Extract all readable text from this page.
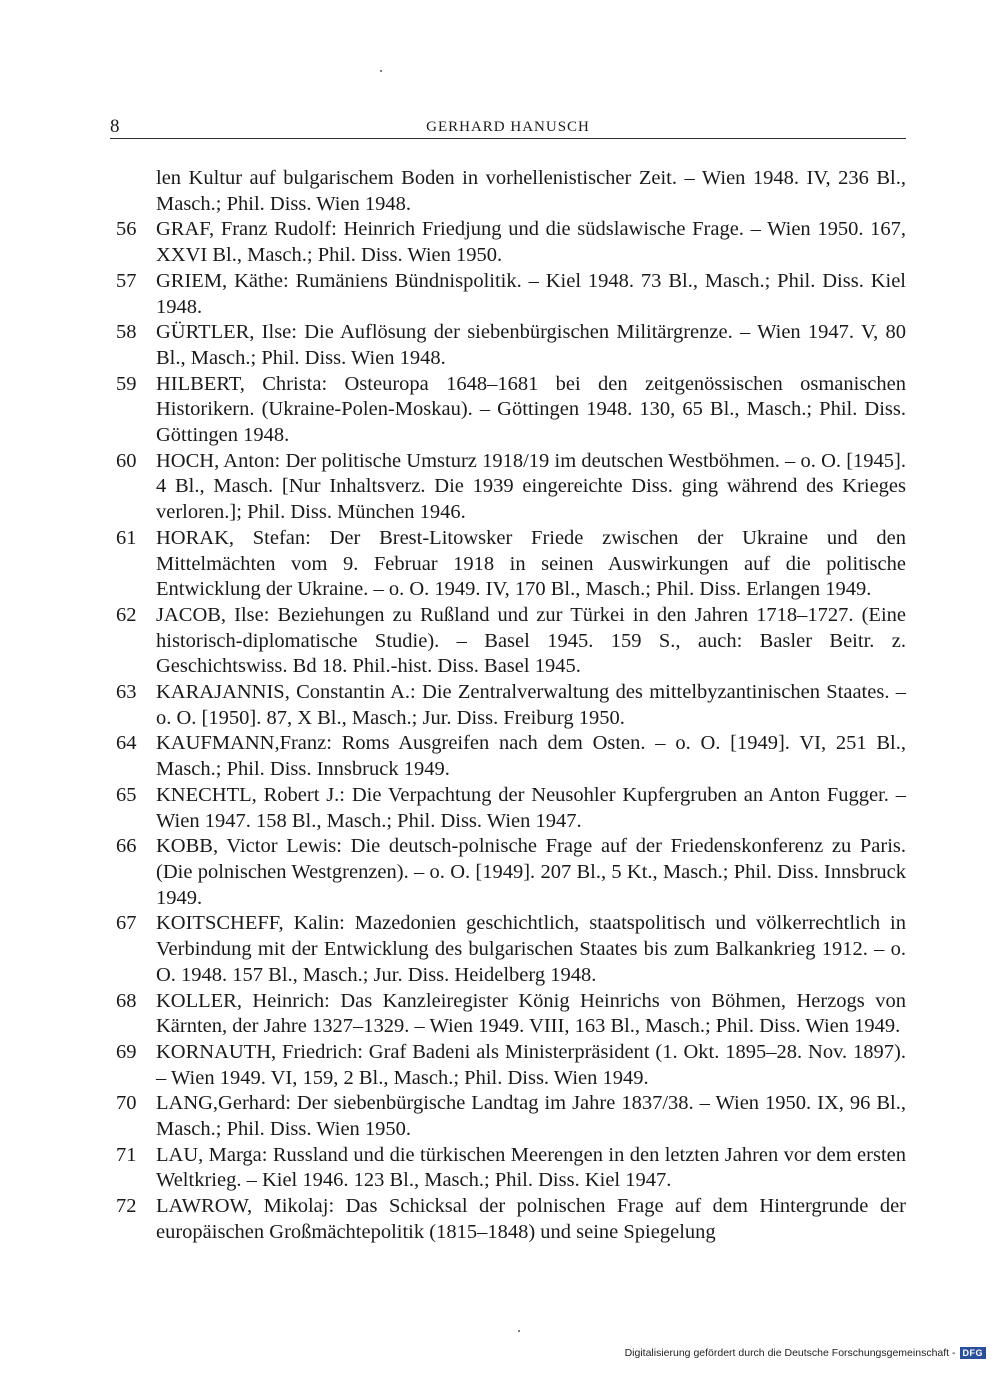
8	GERHARD HANUSCH
len Kultur auf bulgarischem Boden in vorhellenistischer Zeit. – Wien 1948. IV, 236 Bl., Masch.; Phil. Diss. Wien 1948.
56 GRAF, Franz Rudolf: Heinrich Friedjung und die südslawische Frage. – Wien 1950. 167, XXVI Bl., Masch.; Phil. Diss. Wien 1950.
57 GRIEM, Käthe: Rumäniens Bündnispolitik. – Kiel 1948. 73 Bl., Masch.; Phil. Diss. Kiel 1948.
58 GÜRTLER, Ilse: Die Auflösung der siebenbürgischen Militärgrenze. – Wien 1947. V, 80 Bl., Masch.; Phil. Diss. Wien 1948.
59 HILBERT, Christa: Osteuropa 1648–1681 bei den zeitgenössischen osmanischen Historikern. (Ukraine-Polen-Moskau). – Göttingen 1948. 130, 65 Bl., Masch.; Phil. Diss. Göttingen 1948.
60 HOCH, Anton: Der politische Umsturz 1918/19 im deutschen Westböhmen. – o. O. [1945]. 4 Bl., Masch. [Nur Inhaltsverz. Die 1939 eingereichte Diss. ging während des Krieges verloren.]; Phil. Diss. München 1946.
61 HORAK, Stefan: Der Brest-Litowsker Friede zwischen der Ukraine und den Mittelmächten vom 9. Februar 1918 in seinen Auswirkungen auf die politische Entwicklung der Ukraine. – o. O. 1949. IV, 170 Bl., Masch.; Phil. Diss. Erlangen 1949.
62 JACOB, Ilse: Beziehungen zu Rußland und zur Türkei in den Jahren 1718–1727. (Eine historisch-diplomatische Studie). – Basel 1945. 159 S., auch: Basler Beitr. z. Geschichtswiss. Bd 18. Phil.-hist. Diss. Basel 1945.
63 KARAJANNIS, Constantin A.: Die Zentralverwaltung des mittelbyzantinischen Staates. – o. O. [1950]. 87, X Bl., Masch.; Jur. Diss. Freiburg 1950.
64 KAUFMANN,Franz: Roms Ausgreifen nach dem Osten. – o. O. [1949]. VI, 251 Bl., Masch.; Phil. Diss. Innsbruck 1949.
65 KNECHTL, Robert J.: Die Verpachtung der Neusohler Kupfergruben an Anton Fugger. – Wien 1947. 158 Bl., Masch.; Phil. Diss. Wien 1947.
66 KOBB, Victor Lewis: Die deutsch-polnische Frage auf der Friedenskonferenz zu Paris. (Die polnischen Westgrenzen). – o. O. [1949]. 207 Bl., 5 Kt., Masch.; Phil. Diss. Innsbruck 1949.
67 KOITSCHEFF, Kalin: Mazedonien geschichtlich, staatspolitisch und völkerrechtlich in Verbindung mit der Entwicklung des bulgarischen Staates bis zum Balkankrieg 1912. – o. O. 1948. 157 Bl., Masch.; Jur. Diss. Heidelberg 1948.
68 KOLLER, Heinrich: Das Kanzleiregister König Heinrichs von Böhmen, Herzogs von Kärnten, der Jahre 1327–1329. – Wien 1949. VIII, 163 Bl., Masch.; Phil. Diss. Wien 1949.
69 KORNAUTH, Friedrich: Graf Badeni als Ministerpräsident (1. Okt. 1895–28. Nov. 1897). – Wien 1949. VI, 159, 2 Bl., Masch.; Phil. Diss. Wien 1949.
70 LANG,Gerhard: Der siebenbürgische Landtag im Jahre 1837/38. – Wien 1950. IX, 96 Bl., Masch.; Phil. Diss. Wien 1950.
71 LAU, Marga: Russland und die türkischen Meerengen in den letzten Jahren vor dem ersten Weltkrieg. – Kiel 1946. 123 Bl., Masch.; Phil. Diss. Kiel 1947.
72 LAWROW, Mikolaj: Das Schicksal der polnischen Frage auf dem Hintergrunde der europäischen Großmächtepolitik (1815–1848) und seine Spiegelung
Digitalisierung gefördert durch die Deutsche Forschungsgemeinschaft - DFG
